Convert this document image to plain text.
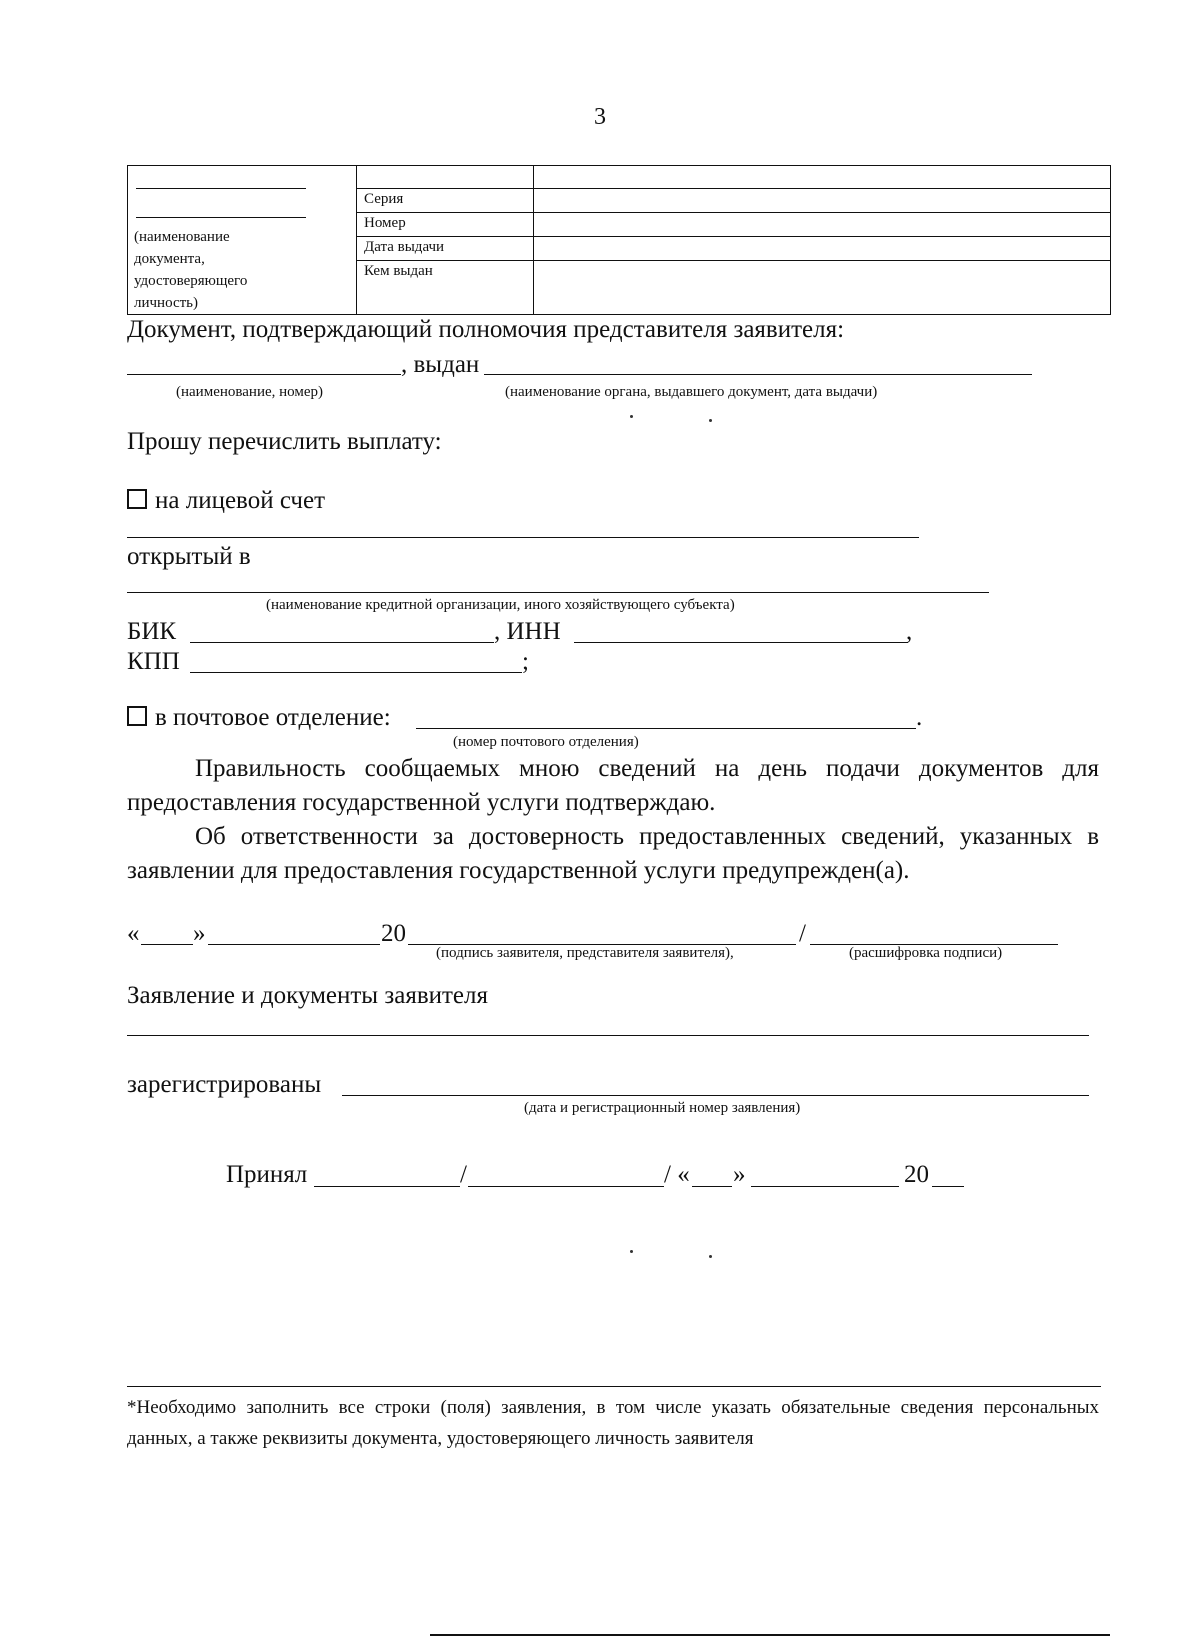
3
(наименование документа, удостоверяющего личность)
Серия
Номер
Дата выдачи
Кем выдан
Документ, подтверждающий полномочия представителя заявителя:
, выдан
(наименование, номер)	(наименование органа, выдавшего документ, дата выдачи)
Прошу перечислить выплату:
на лицевой счет
открытый в
(наименование кредитной организации, иного хозяйствующего субъекта)
БИК	, ИНН	,
КПП	;
в почтовое отделение:	.
(номер почтового отделения)
Правильность сообщаемых мною сведений на день подачи документов для предоставления государственной услуги подтверждаю.
Об ответственности за достоверность предоставленных сведений, указанных в заявлении для предоставления государственной услуги предупрежден(а).
« »	20	/
(подпись заявителя, представителя заявителя),	(расшифровка подписи)
Заявление и документы заявителя
зарегистрированы
(дата и регистрационный номер заявления)
Принял	/	/ « »	20
*Необходимо заполнить все строки (поля) заявления, в том числе указать обязательные сведения персональных данных, а также реквизиты документа, удостоверяющего личность заявителя
